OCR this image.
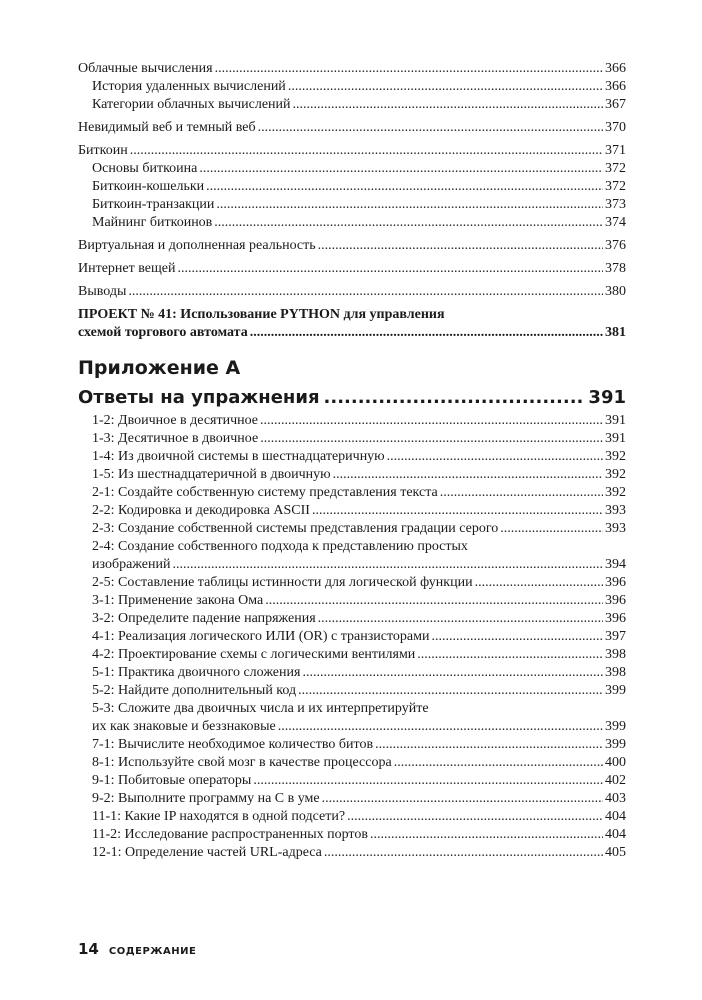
Облачные вычисления .....	366
История удаленных вычислений .....	366
Категории облачных вычислений .....	367
Невидимый веб и темный веб .....	370
Биткоин .....	371
Основы биткоина .....	372
Биткоин-кошельки .....	372
Биткоин-транзакции .....	373
Майнинг биткоинов .....	374
Виртуальная и дополненная реальность .....	376
Интернет вещей .....	378
Выводы .....	380
ПРОЕКТ № 41: Использование PYTHON для управления
схемой торгового автомата .....	381
Приложение А
Ответы на упражнения .....	391
1-2: Двоичное в десятичное .....	391
1-3: Десятичное в двоичное .....	391
1-4: Из двоичной системы в шестнадцатеричную .....	392
1-5: Из шестнадцатеричной в двоичную .....	392
2-1: Создайте собственную систему представления текста .....	392
2-2: Кодировка и декодировка ASCII .....	393
2-3: Создание собственной системы представления градации серого .....	393
2-4: Создание собственного подхода к представлению простых
изображений .....	394
2-5: Составление таблицы истинности для логической функции .....	396
3-1: Применение закона Ома .....	396
3-2: Определите падение напряжения .....	396
4-1: Реализация логического ИЛИ (OR) с транзисторами .....	397
4-2: Проектирование схемы с логическими вентилями .....	398
5-1: Практика двоичного сложения .....	398
5-2: Найдите дополнительный код .....	399
5-3: Сложите два двоичных числа и их интерпретируйте
их как знаковые и беззнаковые .....	399
7-1: Вычислите необходимое количество битов .....	399
8-1: Используйте свой мозг в качестве процессора .....	400
9-1: Побитовые операторы .....	402
9-2: Выполните программу на С в уме .....	403
11-1: Какие IP находятся в одной подсети? .....	404
11-2: Исследование распространенных портов .....	404
12-1: Определение частей URL-адреса .....	405
14 СОДЕРЖАНИЕ
